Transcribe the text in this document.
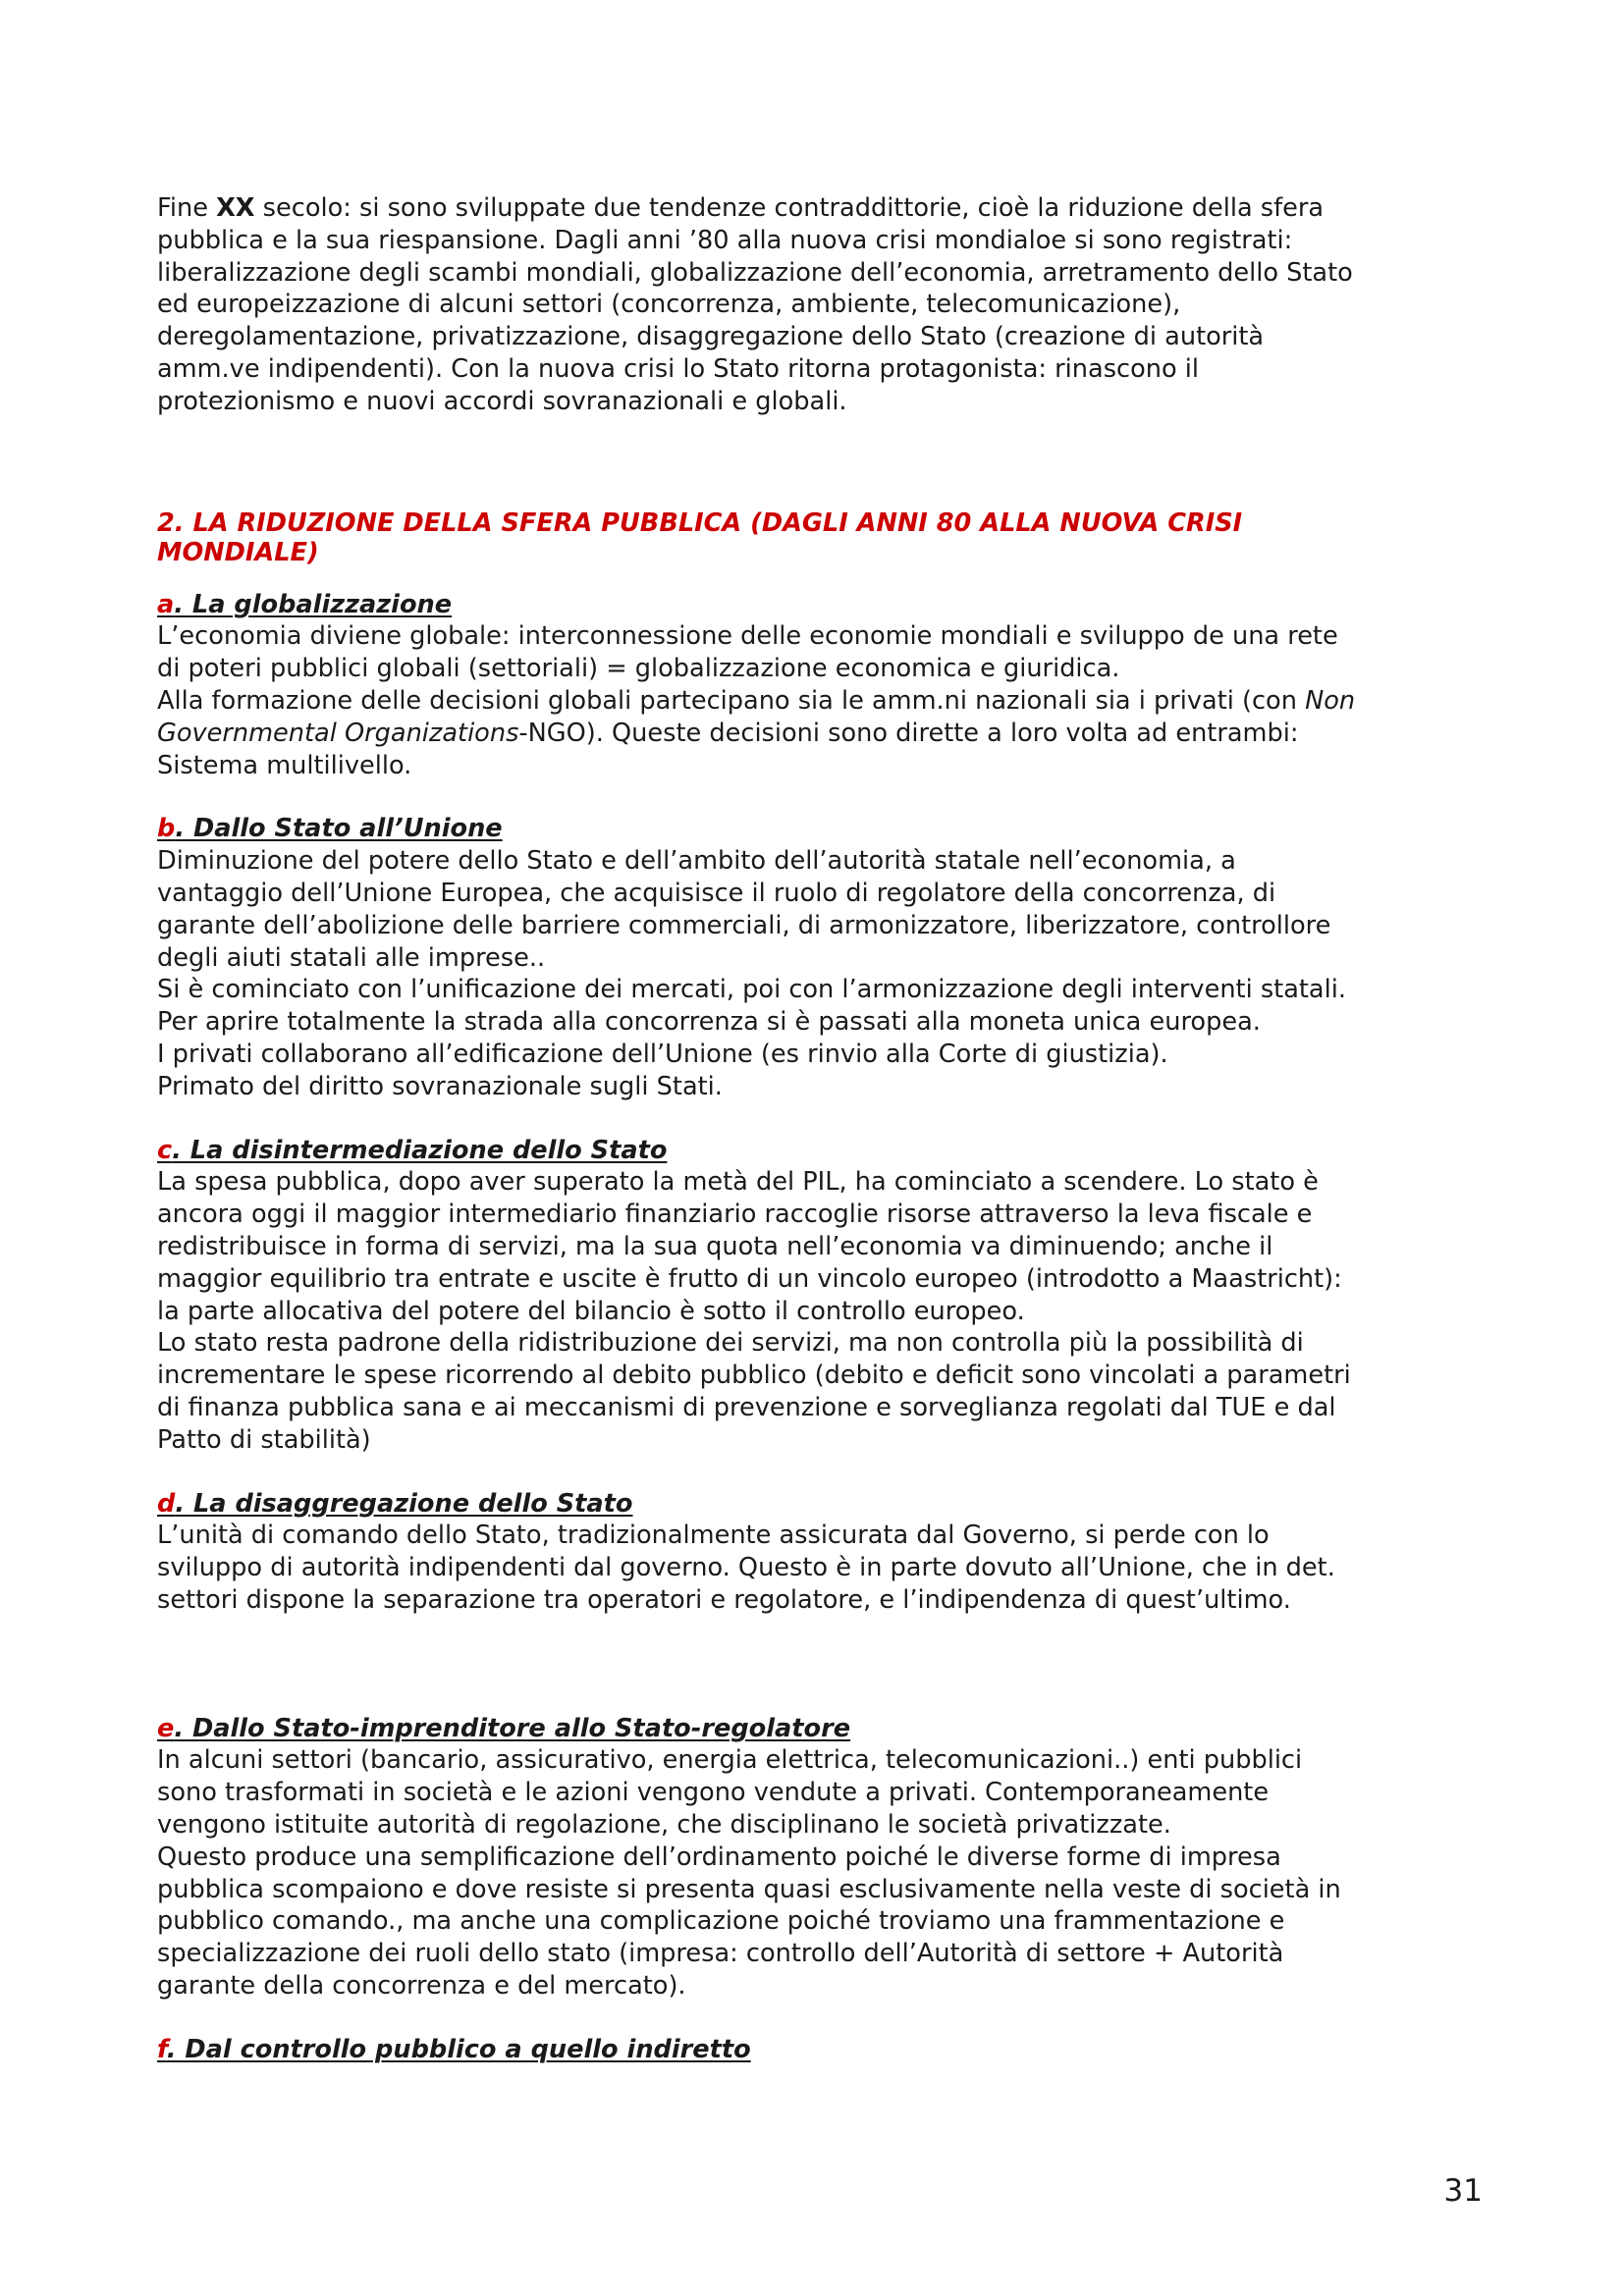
Fine XX secolo: si sono sviluppate due tendenze contraddittorie, cioè la riduzione della sfera

pubblica e la sua riespansione. Dagli anni ’80 alla nuova crisi mondialoe si sono registrati:

liberalizzazione degli scambi mondiali, globalizzazione dell’economia, arretramento dello Stato

ed europeizzazione di alcuni settori (concorrenza, ambiente, telecomunicazione),

deregolamentazione, privatizzazione, disaggregazione dello Stato (creazione di autorità

amm.ve indipendenti). Con la nuova crisi lo Stato ritorna protagonista: rinascono il

protezionismo e nuovi accordi sovranazionali e globali.

2. LA RIDUZIONE DELLA SFERA PUBBLICA (DAGLI ANNI 80 ALLA NUOVA CRISI

MONDIALE)

a. La globalizzazione

L’economia diviene globale: interconnessione delle economie mondiali e sviluppo de una rete

di poteri pubblici globali (settoriali) = globalizzazione economica e giuridica.

Alla formazione delle decisioni globali partecipano sia le amm.ni nazionali sia i privati (con Non

Governmental Organizations-NGO). Queste decisioni sono dirette a loro volta ad entrambi:

Sistema multilivello.

b. Dallo Stato all’Unione

Diminuzione del potere dello Stato e dell’ambito dell’autorità statale nell’economia, a

vantaggio dell’Unione Europea, che acquisisce il ruolo di regolatore della concorrenza, di

garante dell’abolizione delle barriere commerciali, di armonizzatore, liberizzatore, controllore

degli aiuti statali alle imprese..

Si è cominciato con l’unificazione dei mercati, poi con l’armonizzazione degli interventi statali.

Per aprire totalmente la strada alla concorrenza si è passati alla moneta unica europea.

I privati collaborano all’edificazione dell’Unione (es rinvio alla Corte di giustizia).

Primato del diritto sovranazionale sugli Stati.

c. La disintermediazione dello Stato

La spesa pubblica, dopo aver superato la metà del PIL, ha cominciato a scendere. Lo stato è

ancora oggi il maggior intermediario finanziario raccoglie risorse attraverso la leva fiscale e

redistribuisce in forma di servizi, ma la sua quota nell’economia va diminuendo; anche il

maggior equilibrio tra entrate e uscite è frutto di un vincolo europeo (introdotto a Maastricht):

la parte allocativa del potere del bilancio è sotto il controllo europeo.

Lo stato resta padrone della ridistribuzione dei servizi, ma non controlla più la possibilità di

incrementare le spese ricorrendo al debito pubblico (debito e deficit sono vincolati a parametri

di finanza pubblica sana e ai meccanismi di prevenzione e sorveglianza regolati dal TUE e dal

Patto di stabilità)

d. La disaggregazione dello Stato

L’unità di comando dello Stato, tradizionalmente assicurata dal Governo, si perde con lo

sviluppo di autorità indipendenti dal governo. Questo è in parte dovuto all’Unione, che in det.

settori dispone la separazione tra operatori e regolatore, e l’indipendenza di quest’ultimo.

e. Dallo Stato-imprenditore allo Stato-regolatore

In alcuni settori (bancario, assicurativo, energia elettrica, telecomunicazioni..) enti pubblici

sono trasformati in società e le azioni vengono vendute a privati. Contemporaneamente

vengono istituite autorità di regolazione, che disciplinano le società privatizzate.

Questo produce una semplificazione dell’ordinamento poiché le diverse forme di impresa

pubblica scompaiono e dove resiste si presenta quasi esclusivamente nella veste di società in

pubblico comando., ma anche una complicazione poiché troviamo una frammentazione e

specializzazione dei ruoli dello stato (impresa: controllo dell’Autorità di settore + Autorità

garante della concorrenza e del mercato).

f. Dal controllo pubblico a quello indiretto

31
